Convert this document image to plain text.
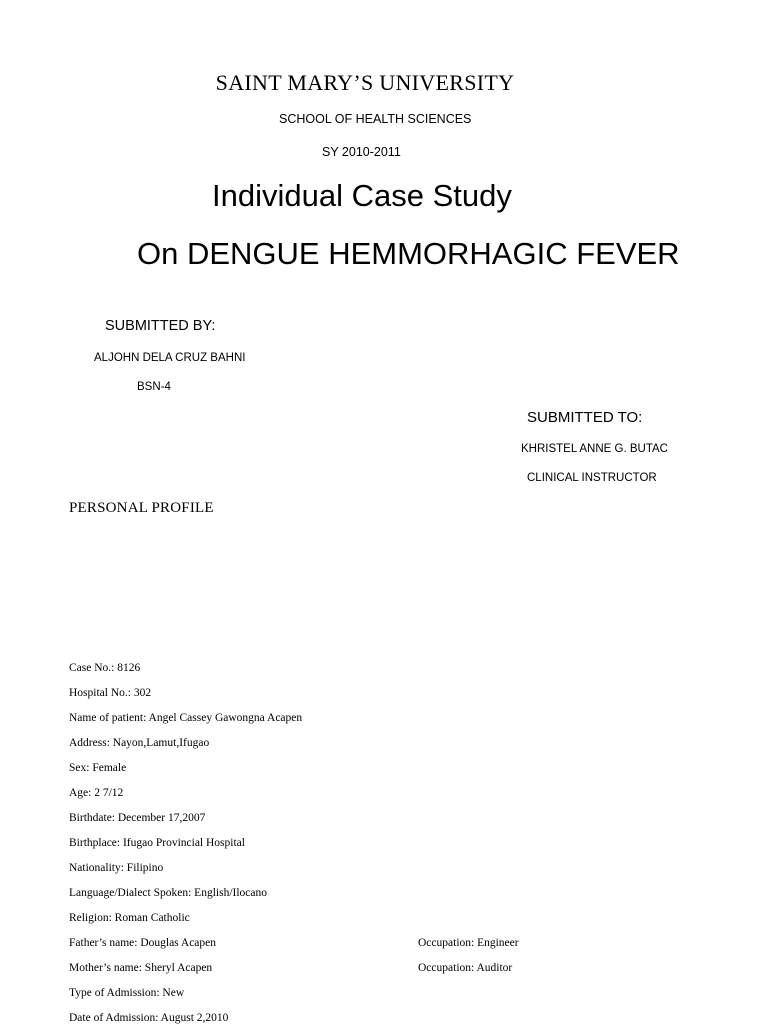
SAINT MARY’S UNIVERSITY
SCHOOL OF HEALTH SCIENCES
SY 2010-2011
Individual Case Study
On DENGUE HEMMORHAGIC FEVER
SUBMITTED BY:
ALJOHN DELA CRUZ BAHNI
BSN-4
SUBMITTED TO:
KHRISTEL ANNE G. BUTAC
CLINICAL INSTRUCTOR
PERSONAL PROFILE
Case No.: 8126
Hospital No.: 302
Name of patient: Angel Cassey Gawongna Acapen
Address: Nayon,Lamut,Ifugao
Sex: Female
Age: 2 7/12
Birthdate: December 17,2007
Birthplace: Ifugao Provincial Hospital
Nationality: Filipino
Language/Dialect Spoken: English/Ilocano
Religion: Roman Catholic
Father’s name: Douglas Acapen	Occupation: Engineer
Mother’s name: Sheryl Acapen	Occupation: Auditor
Type of Admission: New
Date of Admission: August 2,2010
